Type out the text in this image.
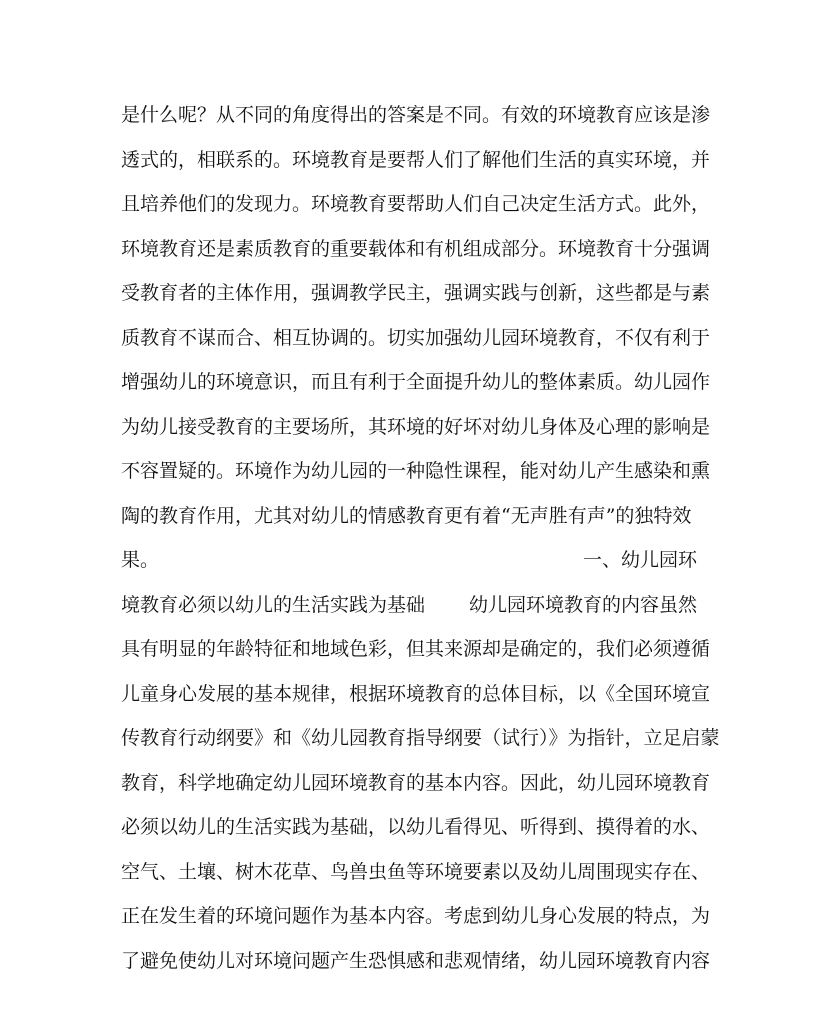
是什么呢？从不同的角度得出的答案是不同。有效的环境教育应该是渗
透式的，相联系的。环境教育是要帮人们了解他们生活的真实环境，并
且培养他们的发现力。环境教育要帮助人们自己决定生活方式。此外，
环境教育还是素质教育的重要载体和有机组成部分。环境教育十分强调
受教育者的主体作用，强调教学民主，强调实践与创新，这些都是与素
质教育不谋而合、相互协调的。切实加强幼儿园环境教育，不仅有利于
增强幼儿的环境意识，而且有利于全面提升幼儿的整体素质。幼儿园作
为幼儿接受教育的主要场所，其环境的好坏对幼儿身体及心理的影响是
不容置疑的。环境作为幼儿园的一种隐性课程，能对幼儿产生感染和熏
陶的教育作用，尤其对幼儿的情感教育更有着“无声胜有声”的独特效
果。	一、幼儿园环
境教育必须以幼儿的生活实践为基础 幼儿园环境教育的内容虽然
具有明显的年龄特征和地域色彩，但其来源却是确定的，我们必须遵循
儿童身心发展的基本规律，根据环境教育的总体目标，以《全国环境宣
传教育行动纲要》和《幼儿园教育指导纲要（试行）》为指针，立足启蒙
教育，科学地确定幼儿园环境教育的基本内容。因此，幼儿园环境教育
必须以幼儿的生活实践为基础，以幼儿看得见、听得到、摸得着的水、
空气、土壤、树木花草、鸟兽虫鱼等环境要素以及幼儿周围现实存在、
正在发生着的环境问题作为基本内容。考虑到幼儿身心发展的特点，为
了避免使幼儿对环境问题产生恐惧感和悲观情绪，幼儿园环境教育内容
